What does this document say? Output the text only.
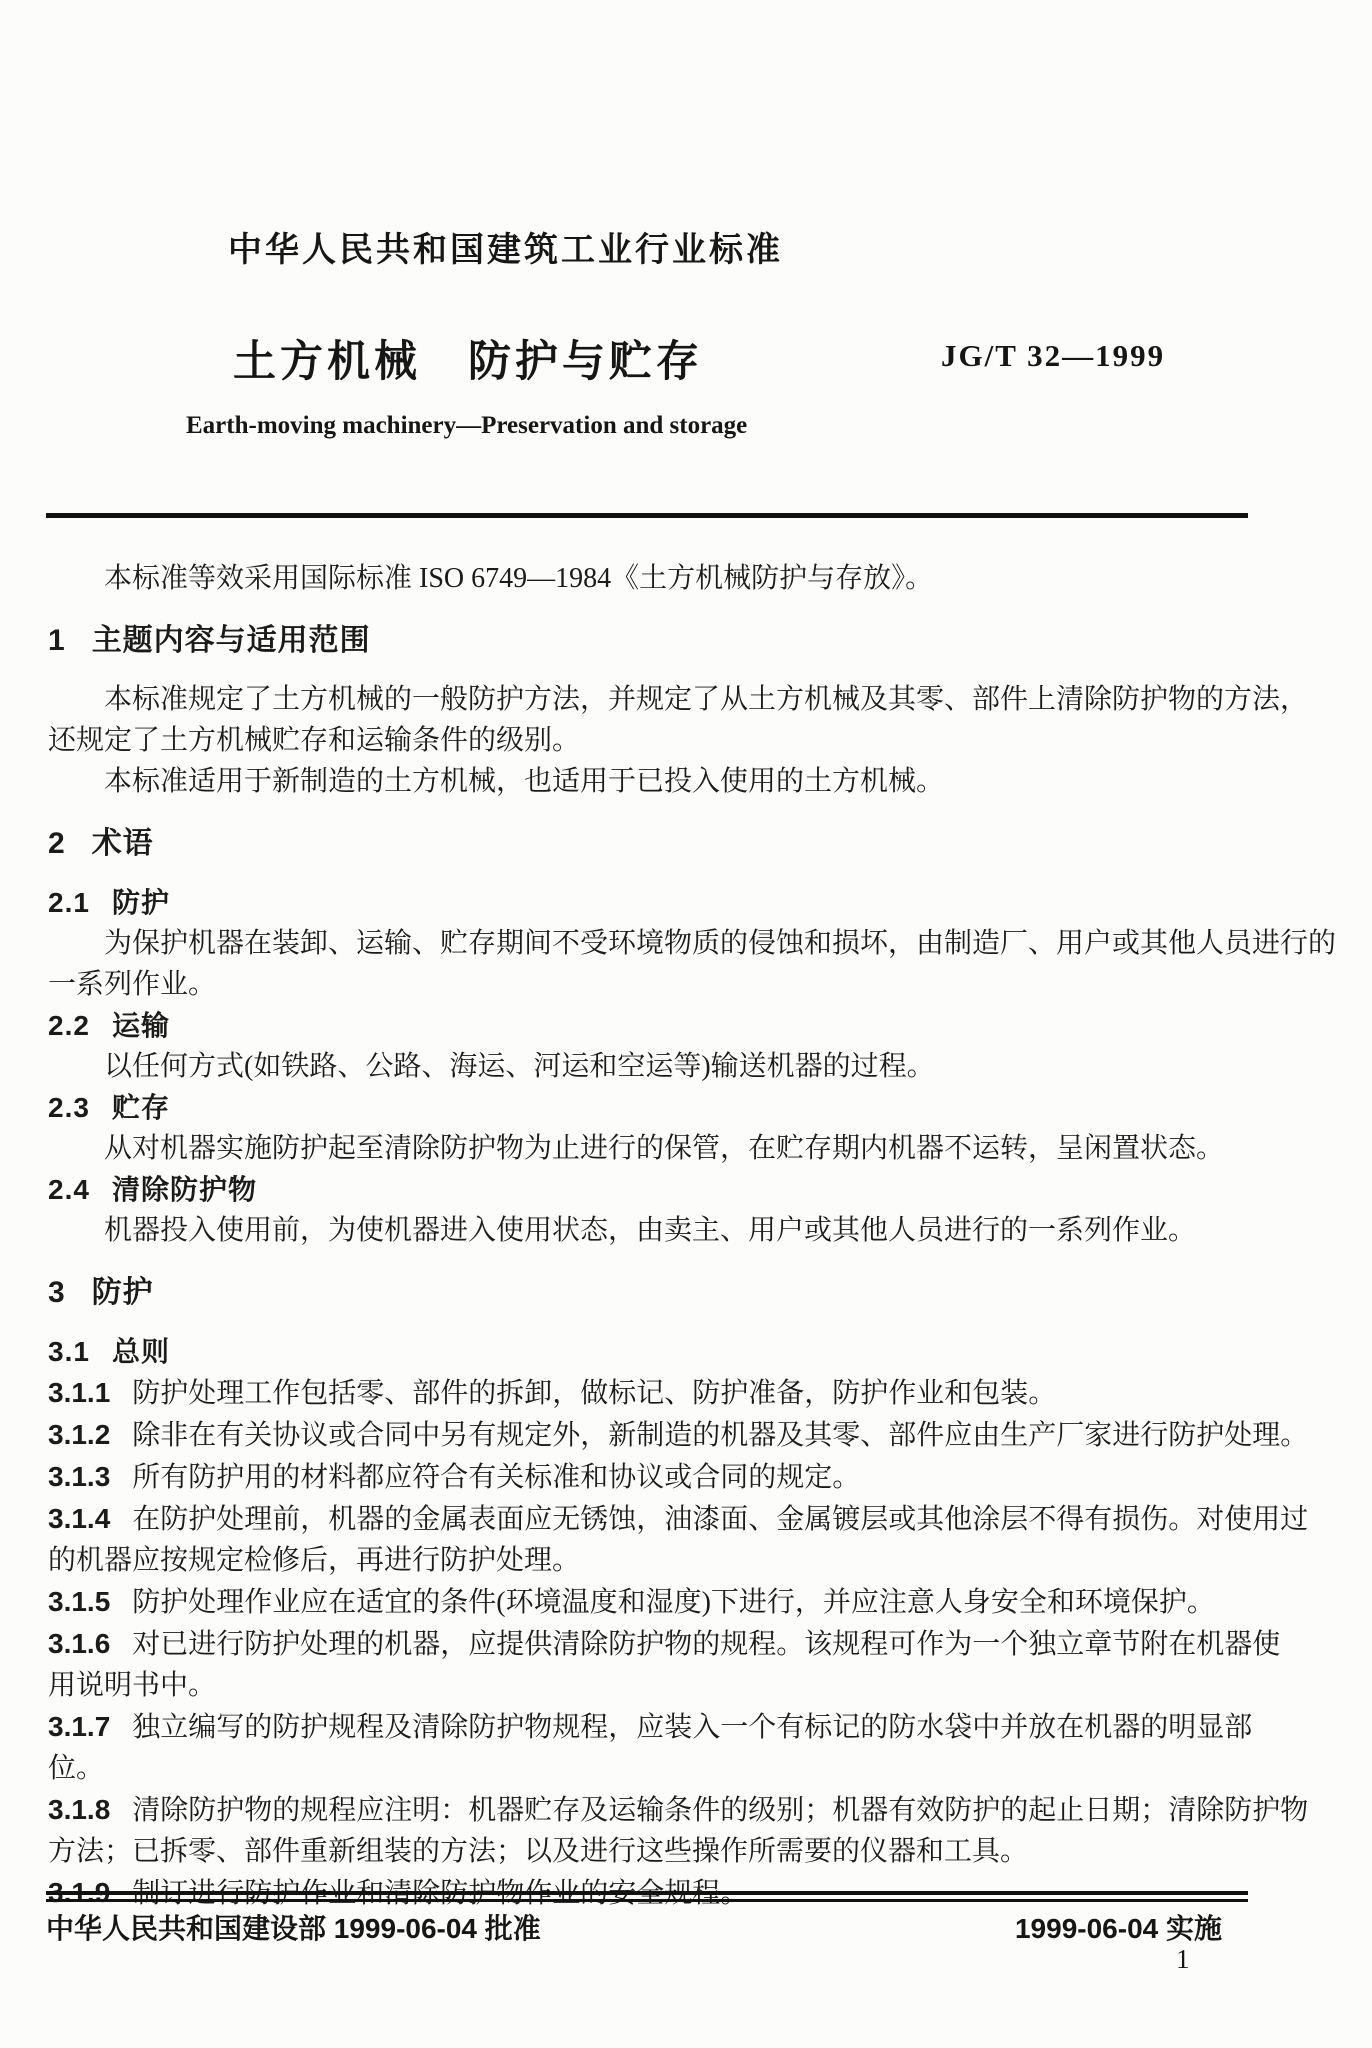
中华人民共和国建筑工业行业标准
土方机械　防护与贮存	JG/T 32—1999
Earth-moving machinery—Preservation and storage
本标准等效采用国际标准 ISO 6749—1984《土方机械防护与存放》。
1 主题内容与适用范围
本标准规定了土方机械的一般防护方法，并规定了从土方机械及其零、部件上清除防护物的方法，
还规定了土方机械贮存和运输条件的级别。
本标准适用于新制造的土方机械，也适用于已投入使用的土方机械。
2 术语
2.1 防护
为保护机器在装卸、运输、贮存期间不受环境物质的侵蚀和损坏，由制造厂、用户或其他人员进行的
一系列作业。
2.2 运输
以任何方式(如铁路、公路、海运、河运和空运等)输送机器的过程。
2.3 贮存
从对机器实施防护起至清除防护物为止进行的保管，在贮存期内机器不运转，呈闲置状态。
2.4 清除防护物
机器投入使用前，为使机器进入使用状态，由卖主、用户或其他人员进行的一系列作业。
3 防护
3.1 总则
3.1.1 防护处理工作包括零、部件的拆卸，做标记、防护准备，防护作业和包装。
3.1.2 除非在有关协议或合同中另有规定外，新制造的机器及其零、部件应由生产厂家进行防护处理。
3.1.3 所有防护用的材料都应符合有关标准和协议或合同的规定。
3.1.4 在防护处理前，机器的金属表面应无锈蚀，油漆面、金属镀层或其他涂层不得有损伤。对使用过
的机器应按规定检修后，再进行防护处理。
3.1.5 防护处理作业应在适宜的条件(环境温度和湿度)下进行，并应注意人身安全和环境保护。
3.1.6 对已进行防护处理的机器，应提供清除防护物的规程。该规程可作为一个独立章节附在机器使
用说明书中。
3.1.7 独立编写的防护规程及清除防护物规程，应装入一个有标记的防水袋中并放在机器的明显部
位。
3.1.8 清除防护物的规程应注明：机器贮存及运输条件的级别；机器有效防护的起止日期；清除防护物
方法；已拆零、部件重新组装的方法；以及进行这些操作所需要的仪器和工具。
3.1.9 制订进行防护作业和清除防护物作业的安全规程。
中华人民共和国建设部 1999-06-04 批准	1999-06-04 实施
1
